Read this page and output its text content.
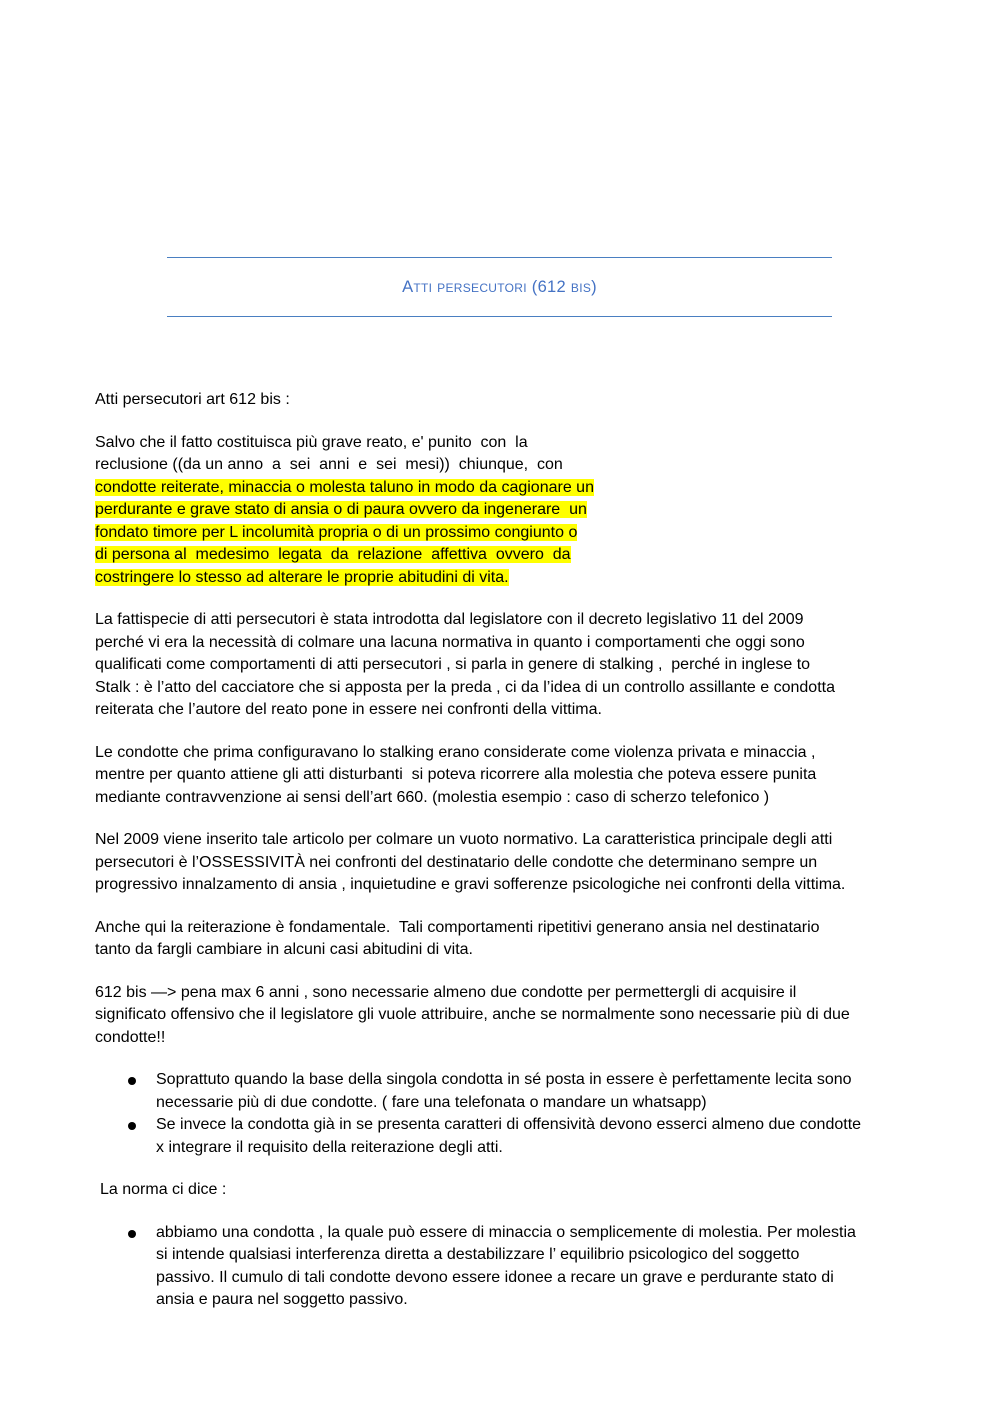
Atti persecutori (612 bis)

Atti persecutori art 612 bis :

Salvo che il fatto costituisca più grave reato, e' punito  con  la
reclusione ((da un anno  a  sei  anni  e  sei  mesi))  chiunque,  con
condotte reiterate, minaccia o molesta taluno in modo da cagionare un
perdurante e grave stato di ansia o di paura ovvero da ingenerare  un
fondato timore per L incolumità propria o di un prossimo congiunto o
di persona al  medesimo  legata  da  relazione  affettiva  ovvero  da
costringere lo stesso ad alterare le proprie abitudini di vita.
La fattispecie di atti persecutori è stata introdotta dal legislatore con il decreto legislativo 11 del 2009
perché vi era la necessità di colmare una lacuna normativa in quanto i comportamenti che oggi sono
qualificati come comportamenti di atti persecutori , si parla in genere di stalking ,  perché in inglese to
Stalk : è l’atto del cacciatore che si apposta per la preda , ci da l’idea di un controllo assillante e condotta
reiterata che l’autore del reato pone in essere nei confronti della vittima.
Le condotte che prima configuravano lo stalking erano considerate come violenza privata e minaccia ,
mentre per quanto attiene gli atti disturbanti  si poteva ricorrere alla molestia che poteva essere punita
mediante contravvenzione ai sensi dell’art 660. (molestia esempio : caso di scherzo telefonico )
Nel 2009 viene inserito tale articolo per colmare un vuoto normativo. La caratteristica principale degli atti
persecutori è l’OSSESSIVITÀ nei confronti del destinatario delle condotte che determinano sempre un
progressivo innalzamento di ansia , inquietudine e gravi sofferenze psicologiche nei confronti della vittima.
Anche qui la reiterazione è fondamentale.  Tali comportamenti ripetitivi generano ansia nel destinatario
tanto da fargli cambiare in alcuni casi abitudini di vita.
612 bis —> pena max 6 anni , sono necessarie almeno due condotte per permettergli di acquisire il
significato offensivo che il legislatore gli vuole attribuire, anche se normalmente sono necessarie più di due
condotte!!
Soprattuto quando la base della singola condotta in sé posta in essere è perfettamente lecita sono
necessarie più di due condotte. ( fare una telefonata o mandare un whatsapp)
Se invece la condotta già in se presenta caratteri di offensività devono esserci almeno due condotte
x integrare il requisito della reiterazione degli atti.

La norma ci dice :

abbiamo una condotta , la quale può essere di minaccia o semplicemente di molestia. Per molestia
si intende qualsiasi interferenza diretta a destabilizzare l’ equilibrio psicologico del soggetto
passivo. Il cumulo di tali condotte devono essere idonee a recare un grave e perdurante stato di
ansia e paura nel soggetto passivo.
